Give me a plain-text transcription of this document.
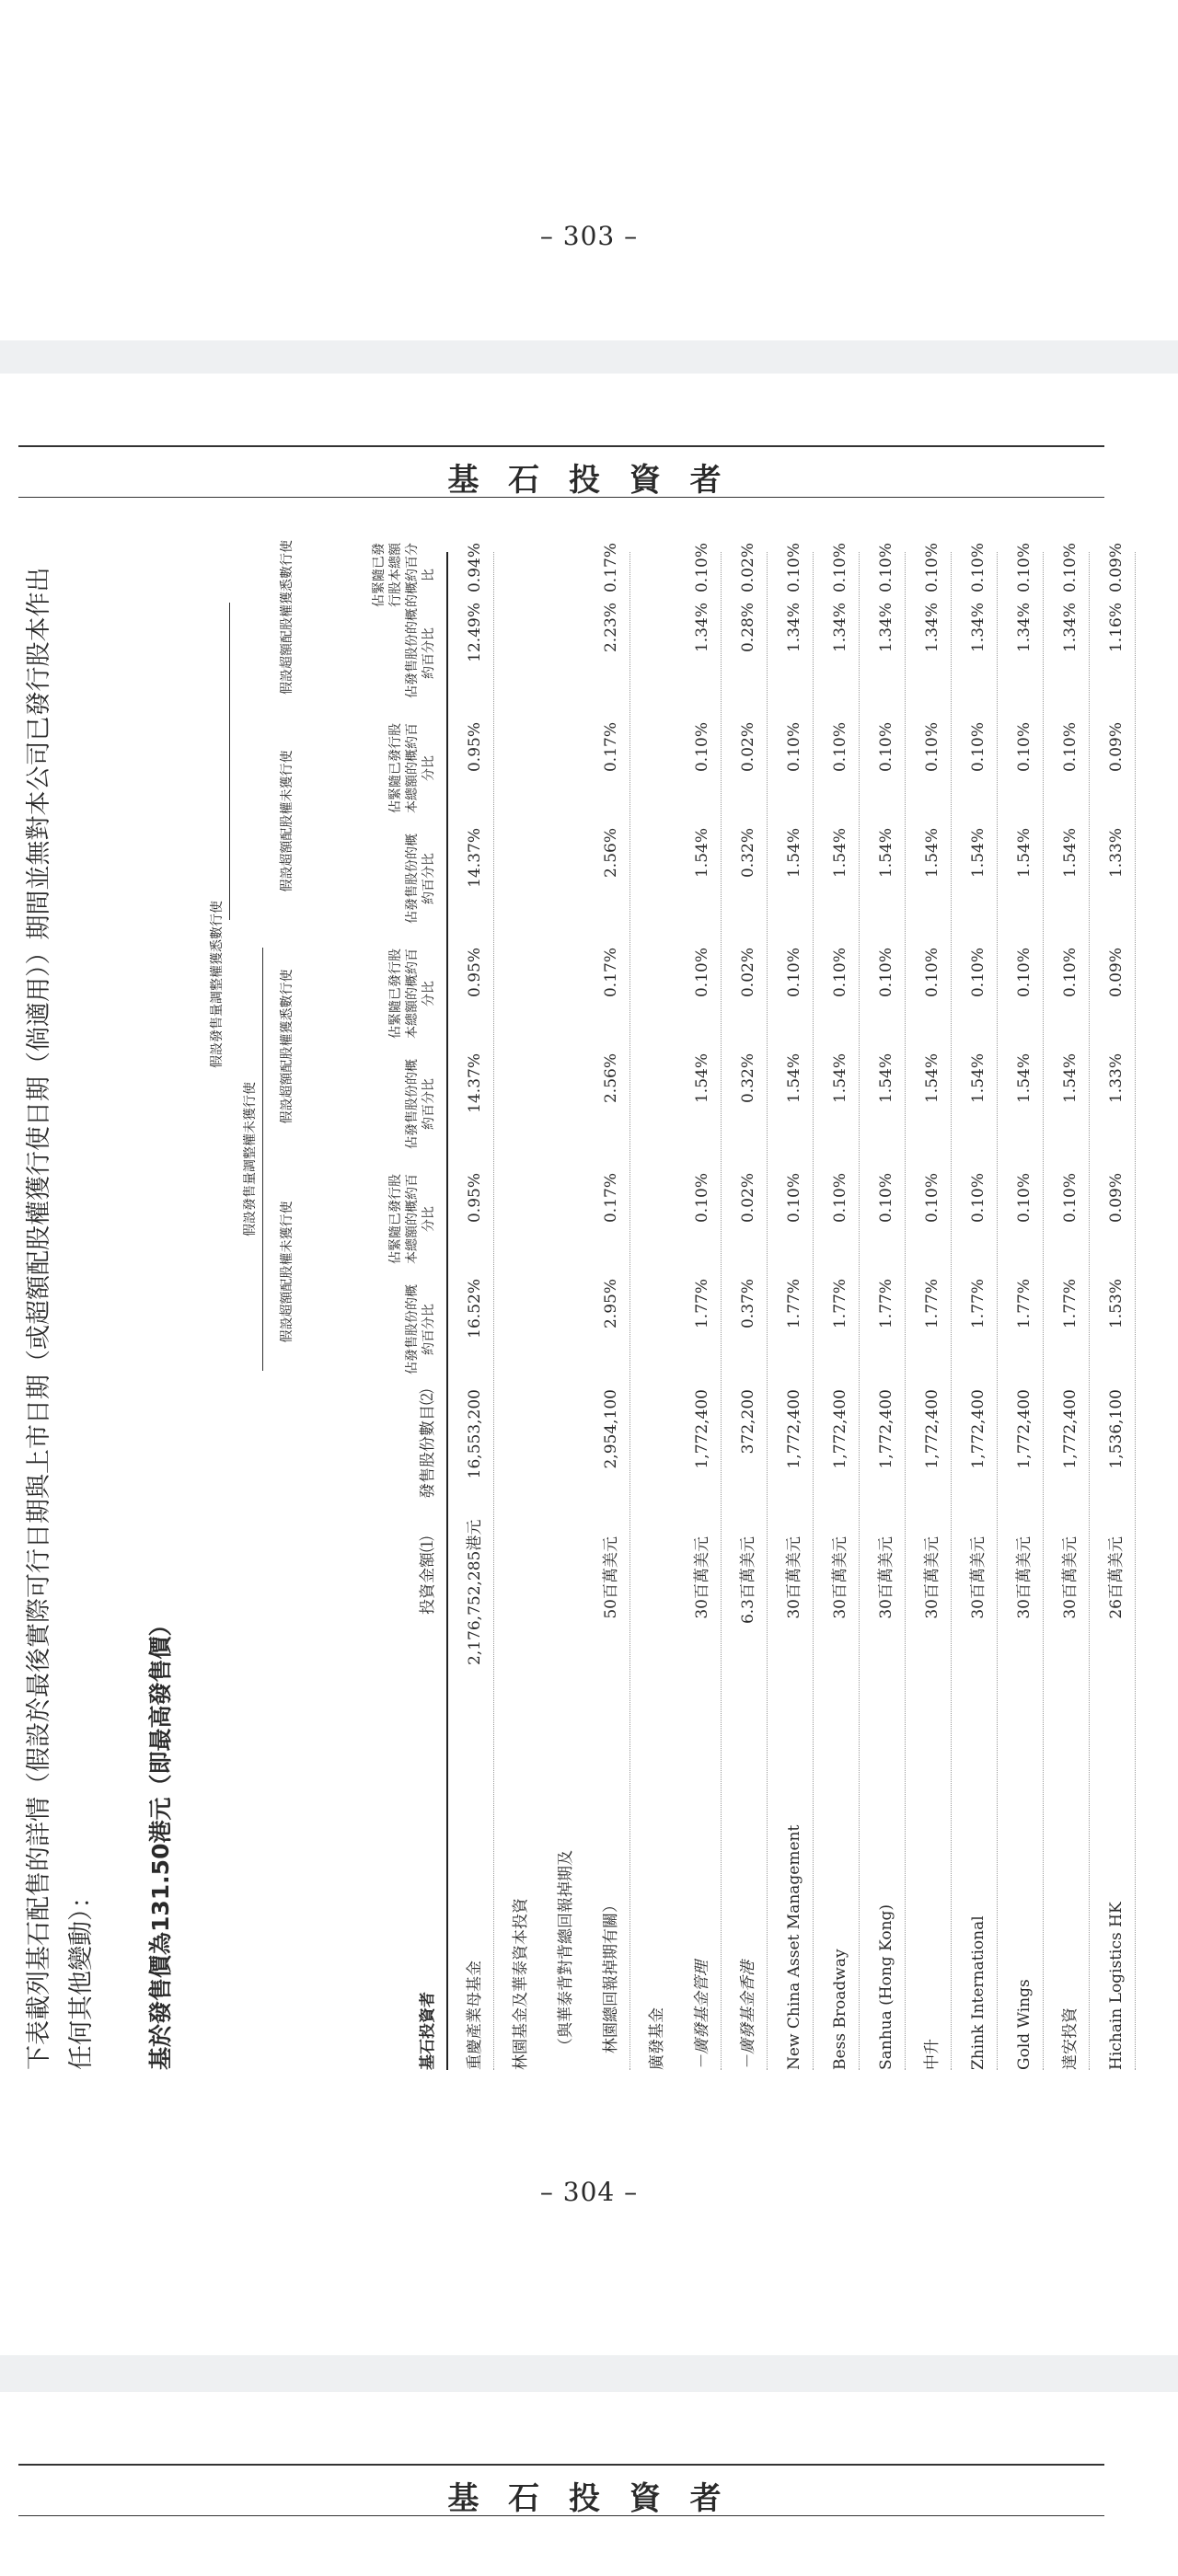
– 303 –
基 石 投 資 者
– 304 –
下表載列基石配售的詳情（假設於最後實際可行日期與上市日期（或超額配股權獲行使日期（倘適用））期間並無對本公司已發行股本作出任何其他變動）：	基於發售價為131.50港元（即最高發售價）	基石投資者
投資金額⑴
發售股份數目⑵
假設發售量調整權獲悉數行使
假設發售量調整權未獲行使
假設超額配股權未獲行使
假設超額配股權獲悉數行使
假設超額配股權未獲行使
假設超額配股權獲悉數行使
佔發售股份的概約百分比
佔緊隨已發行股本總額的概約百分比
佔發售股份的概約百分比
佔緊隨已發行股本總額的概約百分比
佔發售股份的概約百分比
佔緊隨已發行股本總額的概約百分比
佔發售股份的概約百分比
佔緊隨已發行股本總額的概約百分比
重慶產業母基金
2,176,752,285港元
16,553,200
16.52%
0.95%
14.37%
0.95%
14.37%
0.95%
12.49%
0.94%
林園基金及華泰資本投資 （與華泰背對背總回報掉期及 林園總回報掉期有關）
50百萬美元
2,954,100
2.95%
0.17%
2.56%
0.17%
2.56%
0.17%
2.23%
0.17%
廣發基金 －廣發基金管理
30百萬美元
1,772,400
1.77%
0.10%
1.54%
0.10%
1.54%
0.10%
1.34%
0.10%
－廣發基金香港
6.3百萬美元
372,200
0.37%
0.02%
0.32%
0.02%
0.32%
0.02%
0.28%
0.02%
New China Asset Management
30百萬美元
1,772,400
1.77%
0.10%
1.54%
0.10%
1.54%
0.10%
1.34%
0.10%
Bess Broadway
30百萬美元
1,772,400
1.77%
0.10%
1.54%
0.10%
1.54%
0.10%
1.34%
0.10%
Sanhua (Hong Kong)
30百萬美元
1,772,400
1.77%
0.10%
1.54%
0.10%
1.54%
0.10%
1.34%
0.10%
中升
30百萬美元
1,772,400
1.77%
0.10%
1.54%
0.10%
1.54%
0.10%
1.34%
0.10%
Zhink International
30百萬美元
1,772,400
1.77%
0.10%
1.54%
0.10%
1.54%
0.10%
1.34%
0.10%
Gold Wings
30百萬美元
1,772,400
1.77%
0.10%
1.54%
0.10%
1.54%
0.10%
1.34%
0.10%
達安投資
30百萬美元
1,772,400
1.77%
0.10%
1.54%
0.10%
1.54%
0.10%
1.34%
0.10%
Hichain Logistics HK
26百萬美元
1,536,100
1.53%
0.09%
1.33%
0.09%
1.33%
0.09%
1.16%
0.09%
基 石 投 資 者
